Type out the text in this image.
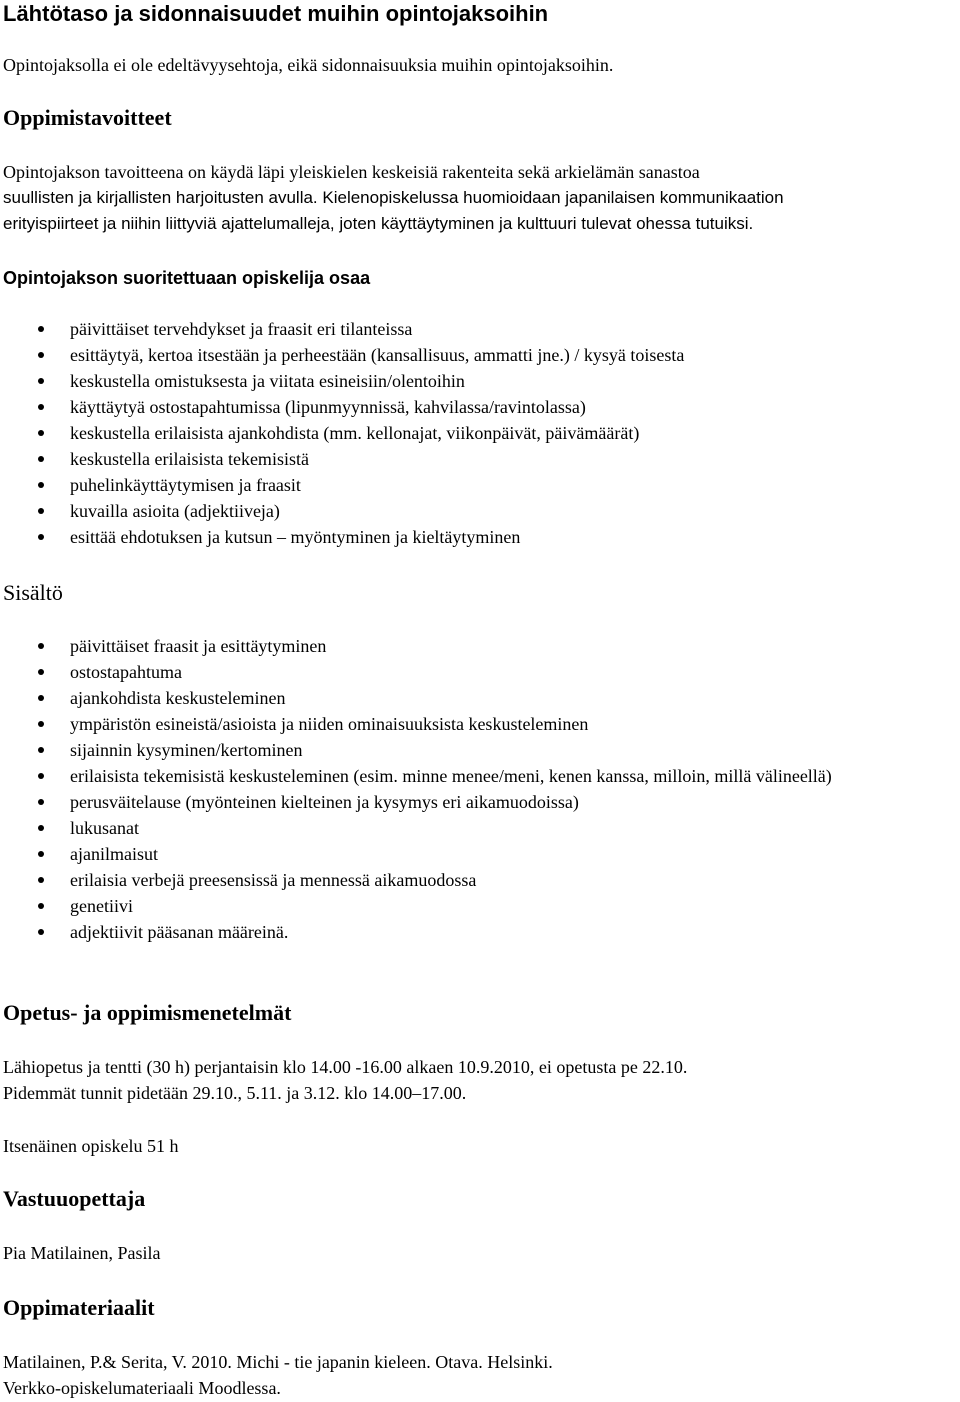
Lähtötaso ja sidonnaisuudet muihin opintojaksoihin

Opintojaksolla ei ole edeltävyysehtoja, eikä sidonnaisuuksia muihin opintojaksoihin.

Oppimistavoitteet

Opintojakson tavoitteena on käydä läpi yleiskielen keskeisiä rakenteita sekä arkielämän sanastoa

suullisten ja kirjallisten harjoitusten avulla. Kielenopiskelussa huomioidaan japanilaisen kommunikaation

erityispiirteet ja niihin liittyviä ajattelumalleja, joten käyttäytyminen ja kulttuuri tulevat ohessa tutuiksi.

Opintojakson suoritettuaan opiskelija osaa
päivittäiset tervehdykset ja fraasit eri tilanteissa
esittäytyä, kertoa itsestään ja perheestään (kansallisuus, ammatti jne.) / kysyä toisesta
keskustella omistuksesta ja viitata esineisiin/olentoihin
käyttäytyä ostostapahtumissa (lipunmyynnissä, kahvilassa/ravintolassa)
keskustella erilaisista ajankohdista (mm. kellonajat, viikonpäivät, päivämäärät)
keskustella erilaisista tekemisistä
puhelinkäyttäytymisen ja fraasit
kuvailla asioita (adjektiiveja)
esittää ehdotuksen ja kutsun – myöntyminen ja kieltäytyminen
Sisältö
päivittäiset fraasit ja esittäytyminen
ostostapahtuma
ajankohdista keskusteleminen
ympäristön esineistä/asioista ja niiden ominaisuuksista keskusteleminen
sijainnin kysyminen/kertominen
erilaisista tekemisistä keskusteleminen (esim. minne menee/meni, kenen kanssa, milloin, millä välineellä)
perusväitelause (myönteinen kielteinen ja kysymys eri aikamuodoissa)
lukusanat
ajanilmaisut
erilaisia verbejä preesensissä ja mennessä aikamuodossa
genetiivi
adjektiivit pääsanan määreinä.
Opetus- ja oppimismenetelmät

Lähiopetus ja tentti (30 h) perjantaisin klo 14.00 -16.00 alkaen 10.9.2010, ei opetusta pe 22.10.

Pidemmät tunnit pidetään 29.10., 5.11. ja 3.12. klo 14.00–17.00.

Itsenäinen opiskelu 51 h

Vastuuopettaja

Pia Matilainen, Pasila

Oppimateriaalit

Matilainen, P.& Serita, V. 2010. Michi - tie japanin kieleen. Otava. Helsinki.

Verkko-opiskelumateriaali Moodlessa.
